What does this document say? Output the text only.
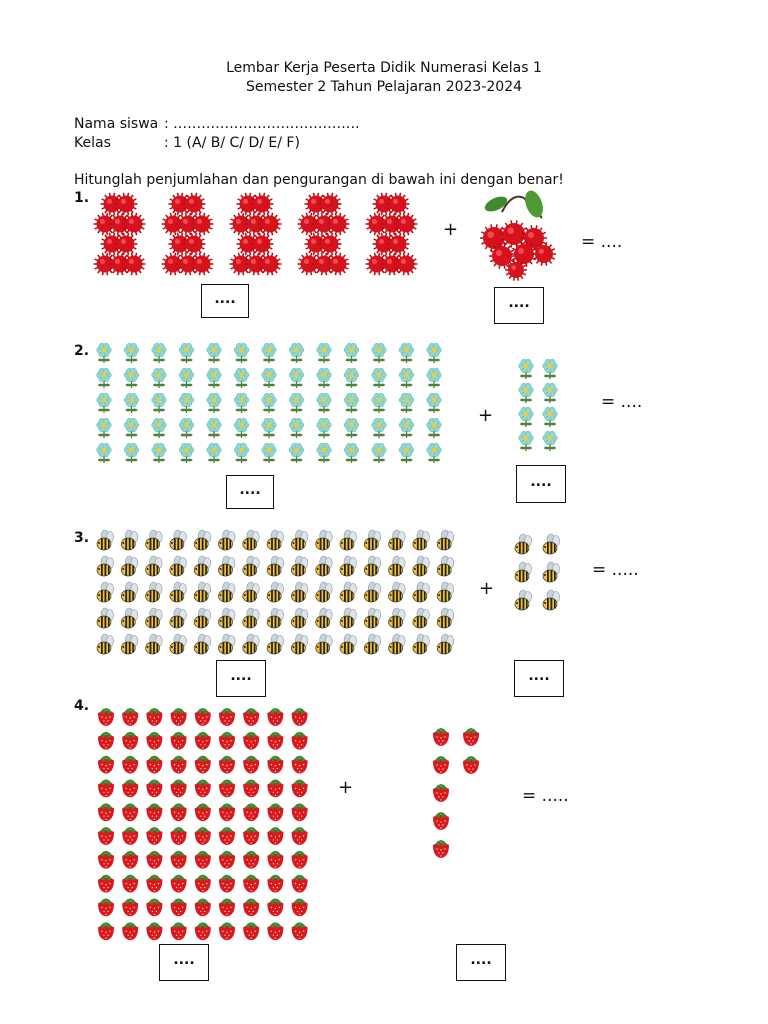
Lembar Kerja Peserta Didik Numerasi Kelas 1
Semester 2 Tahun Pelajaran 2023-2024
Nama siswa : ………………………………….
Kelas	: 1 (A/ B/ C/ D/ E/ F)
Hitunglah penjumlahan dan pengurangan di bawah ini dengan benar!
1.
+
= ....
....	....
2.
+
= ....
....	....
3.
+
= .....
....	....
4.
+	= .....
....	....
